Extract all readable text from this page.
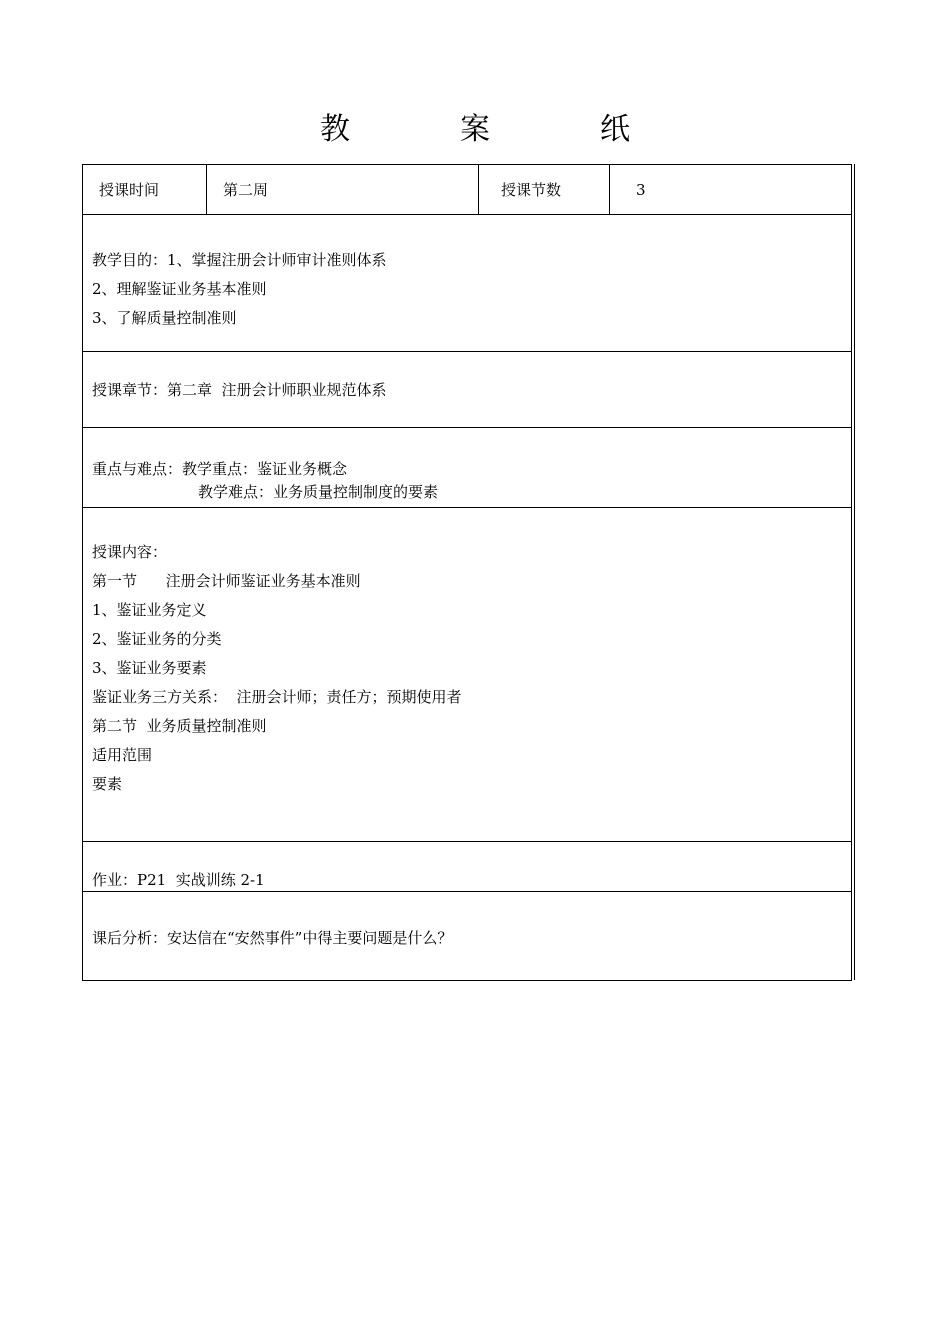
教　案　纸
授课时间	第二周	授课节数	3
教学目的：1、掌握注册会计师审计准则体系
2、理解鉴证业务基本准则
3、了解质量控制准则
授课章节：第二章  注册会计师职业规范体系
重点与难点：教学重点：鉴证业务概念
教学难点：业务质量控制制度的要素
授课内容：
第一节      注册会计师鉴证业务基本准则
1、鉴证业务定义
2、鉴证业务的分类
3、鉴证业务要素
鉴证业务三方关系：  注册会计师；责任方；预期使用者
第二节  业务质量控制准则
适用范围
要素
作业：P21  实战训练 2-1
课后分析：安达信在“安然事件”中得主要问题是什么？
